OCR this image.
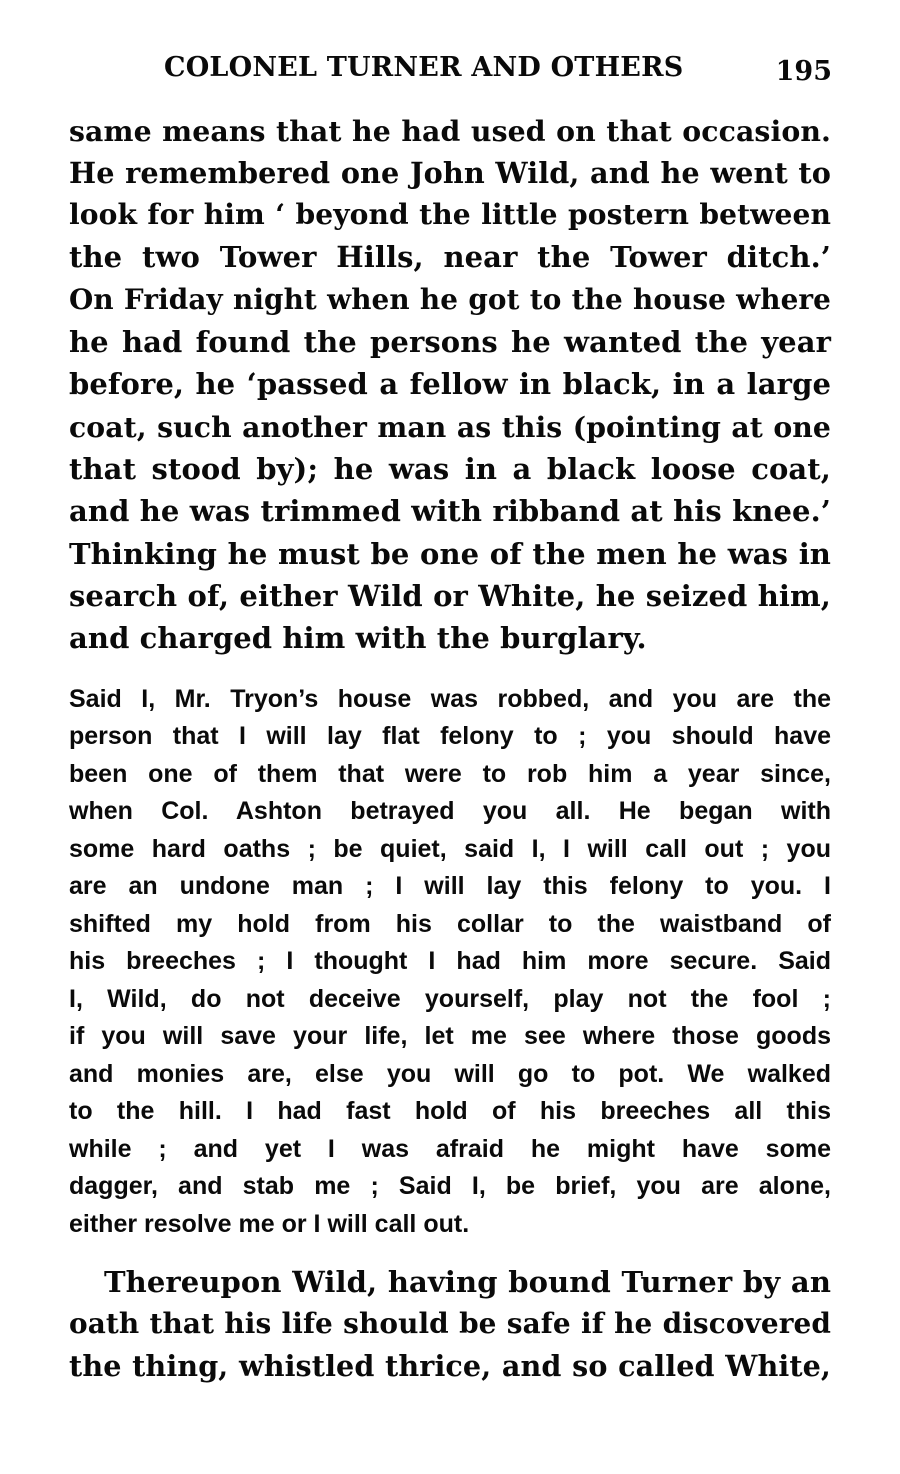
COLONEL TURNER AND OTHERS	195
same means that he had used on that occasion.
He remembered one John Wild, and he went to
look for him ‘ beyond the little postern between
the two Tower Hills, near the Tower ditch.’
On Friday night when he got to the house where
he had found the persons he wanted the year
before, he ‘passed a fellow in black, in a large
coat, such another man as this (pointing at one
that stood by); he was in a black loose coat,
and he was trimmed with ribband at his knee.’
Thinking he must be one of the men he was in
search of, either Wild or White, he seized him,
and charged him with the burglary.
Said I, Mr. Tryon’s house was robbed, and you are the
person that I will lay flat felony to ; you should have
been one of them that were to rob him a year since,
when Col. Ashton betrayed you all. He began with
some hard oaths ; be quiet, said I, I will call out ; you
are an undone man ; I will lay this felony to you. I
shifted my hold from his collar to the waistband of
his breeches ; I thought I had him more secure. Said
I, Wild, do not deceive yourself, play not the fool ;
if you will save your life, let me see where those goods
and monies are, else you will go to pot. We walked
to the hill. I had fast hold of his breeches all this
while ; and yet I was afraid he might have some
dagger, and stab me ; Said I, be brief, you are alone,
either resolve me or I will call out.
Thereupon Wild, having bound Turner by an
oath that his life should be safe if he discovered
the thing, whistled thrice, and so called White,
